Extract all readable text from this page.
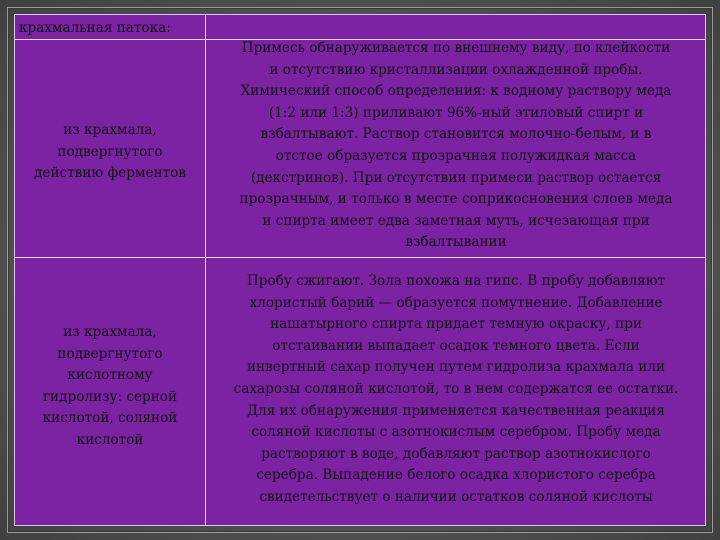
крахмальная патока:
из крахмала,
подвергнутого
действию ферментов
Примесь обнаруживается по внешнему виду, по клейкости
и отсутствию кристаллизации охлажденной пробы.
Химический способ определения: к водному раствору меда
(1:2 или 1:3) приливают 96%-ный этиловый спирт и
взбалтывают. Раствор становится молочно-белым, и в
отстое образуется прозрачная полужидкая масса
(декстринов). При отсутствии примеси раствор остается
прозрачным, и только в месте соприкосновения слоев меда
и спирта имеет едва заметная муть, исчезающая при
взбалтывании
из крахмала,
подвергнутого
кислотному
гидролизу: серной
кислотой, соляной
кислотой
Пробу сжигают. Зола похожа на гипс. В пробу добавляют
хлористый барий — образуется помутнение. Добавление
нашатырного спирта придает темную окраску, при
отстаивании выпадает осадок темного цвета. Если
инвертный сахар получен путем гидролиза крахмала или
сахарозы соляной кислотой, то в нем содержатся ее остатки.
Для их обнаружения применяется качественная реакция
соляной кислоты с азотнокислым серебром. Пробу меда
растворяют в воде, добавляют раствор азотнокислого
серебра. Выпадение белого осадка хлористого серебра
свидетельствует о наличии остатков соляной кислоты
